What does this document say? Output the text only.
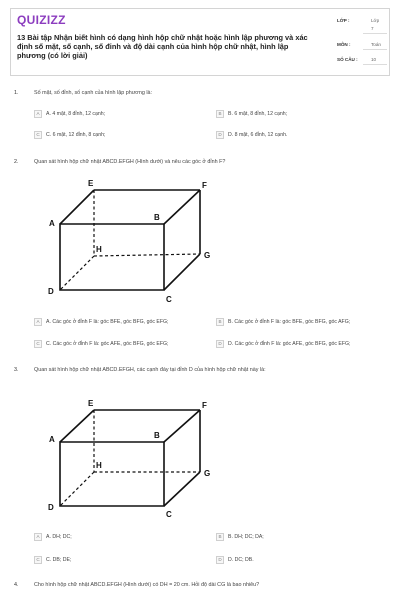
QUIZIZZ
13 Bài tập Nhận biết hình có dạng hình hộp chữ nhật hoặc hình lập phương và xác định số mặt, số cạnh, số đỉnh và độ dài cạnh của hình hộp chữ nhật, hình lập phương (có lời giải)
LỚP :	Lớp
7
MÔN :	Toán
SỐ CÂU :	10
1.	Số mặt, số đỉnh, số cạnh của hình lập phương là:
A	A. 4 mặt, 8 đỉnh, 12 cạnh;	B	B. 6 mặt, 8 đỉnh, 12 cạnh;
C	C. 6 mặt, 12 đỉnh, 8 cạnh;	D	D. 8 mặt, 6 đỉnh, 12 cạnh.
2.	Quan sát hình hộp chữ nhật ABCD.EFGH (Hình dưới) và nêu các góc ở đỉnh F?
E	F
A
B
H
G
D
C
A	A. Các góc ở đỉnh F là: góc BFE, góc BFG, góc EFG;	B	B. Các góc ở đỉnh F là: góc BFE, góc BFG, góc AFG;
C	C. Các góc ở đỉnh F là: góc AFE, góc BFG, góc EFG;	D	D. Các góc ở đỉnh F là: góc AFE, góc BFG, góc EFG;
3.	Quan sát hình hộp chữ nhật ABCD.EFGH, các cạnh đáy tại đỉnh D của hình hộp chữ nhật này là:
E	F
A	B
H
G
D
C
A	A. DH; DC;	B	B. DH; DC; DA;
C	C. DB; DE;	D	D. DC; DB.
4.	Cho hình hộp chữ nhật ABCD.EFGH (Hình dưới) có DH = 20 cm. Hỏi độ dài CG là bao nhiêu?
